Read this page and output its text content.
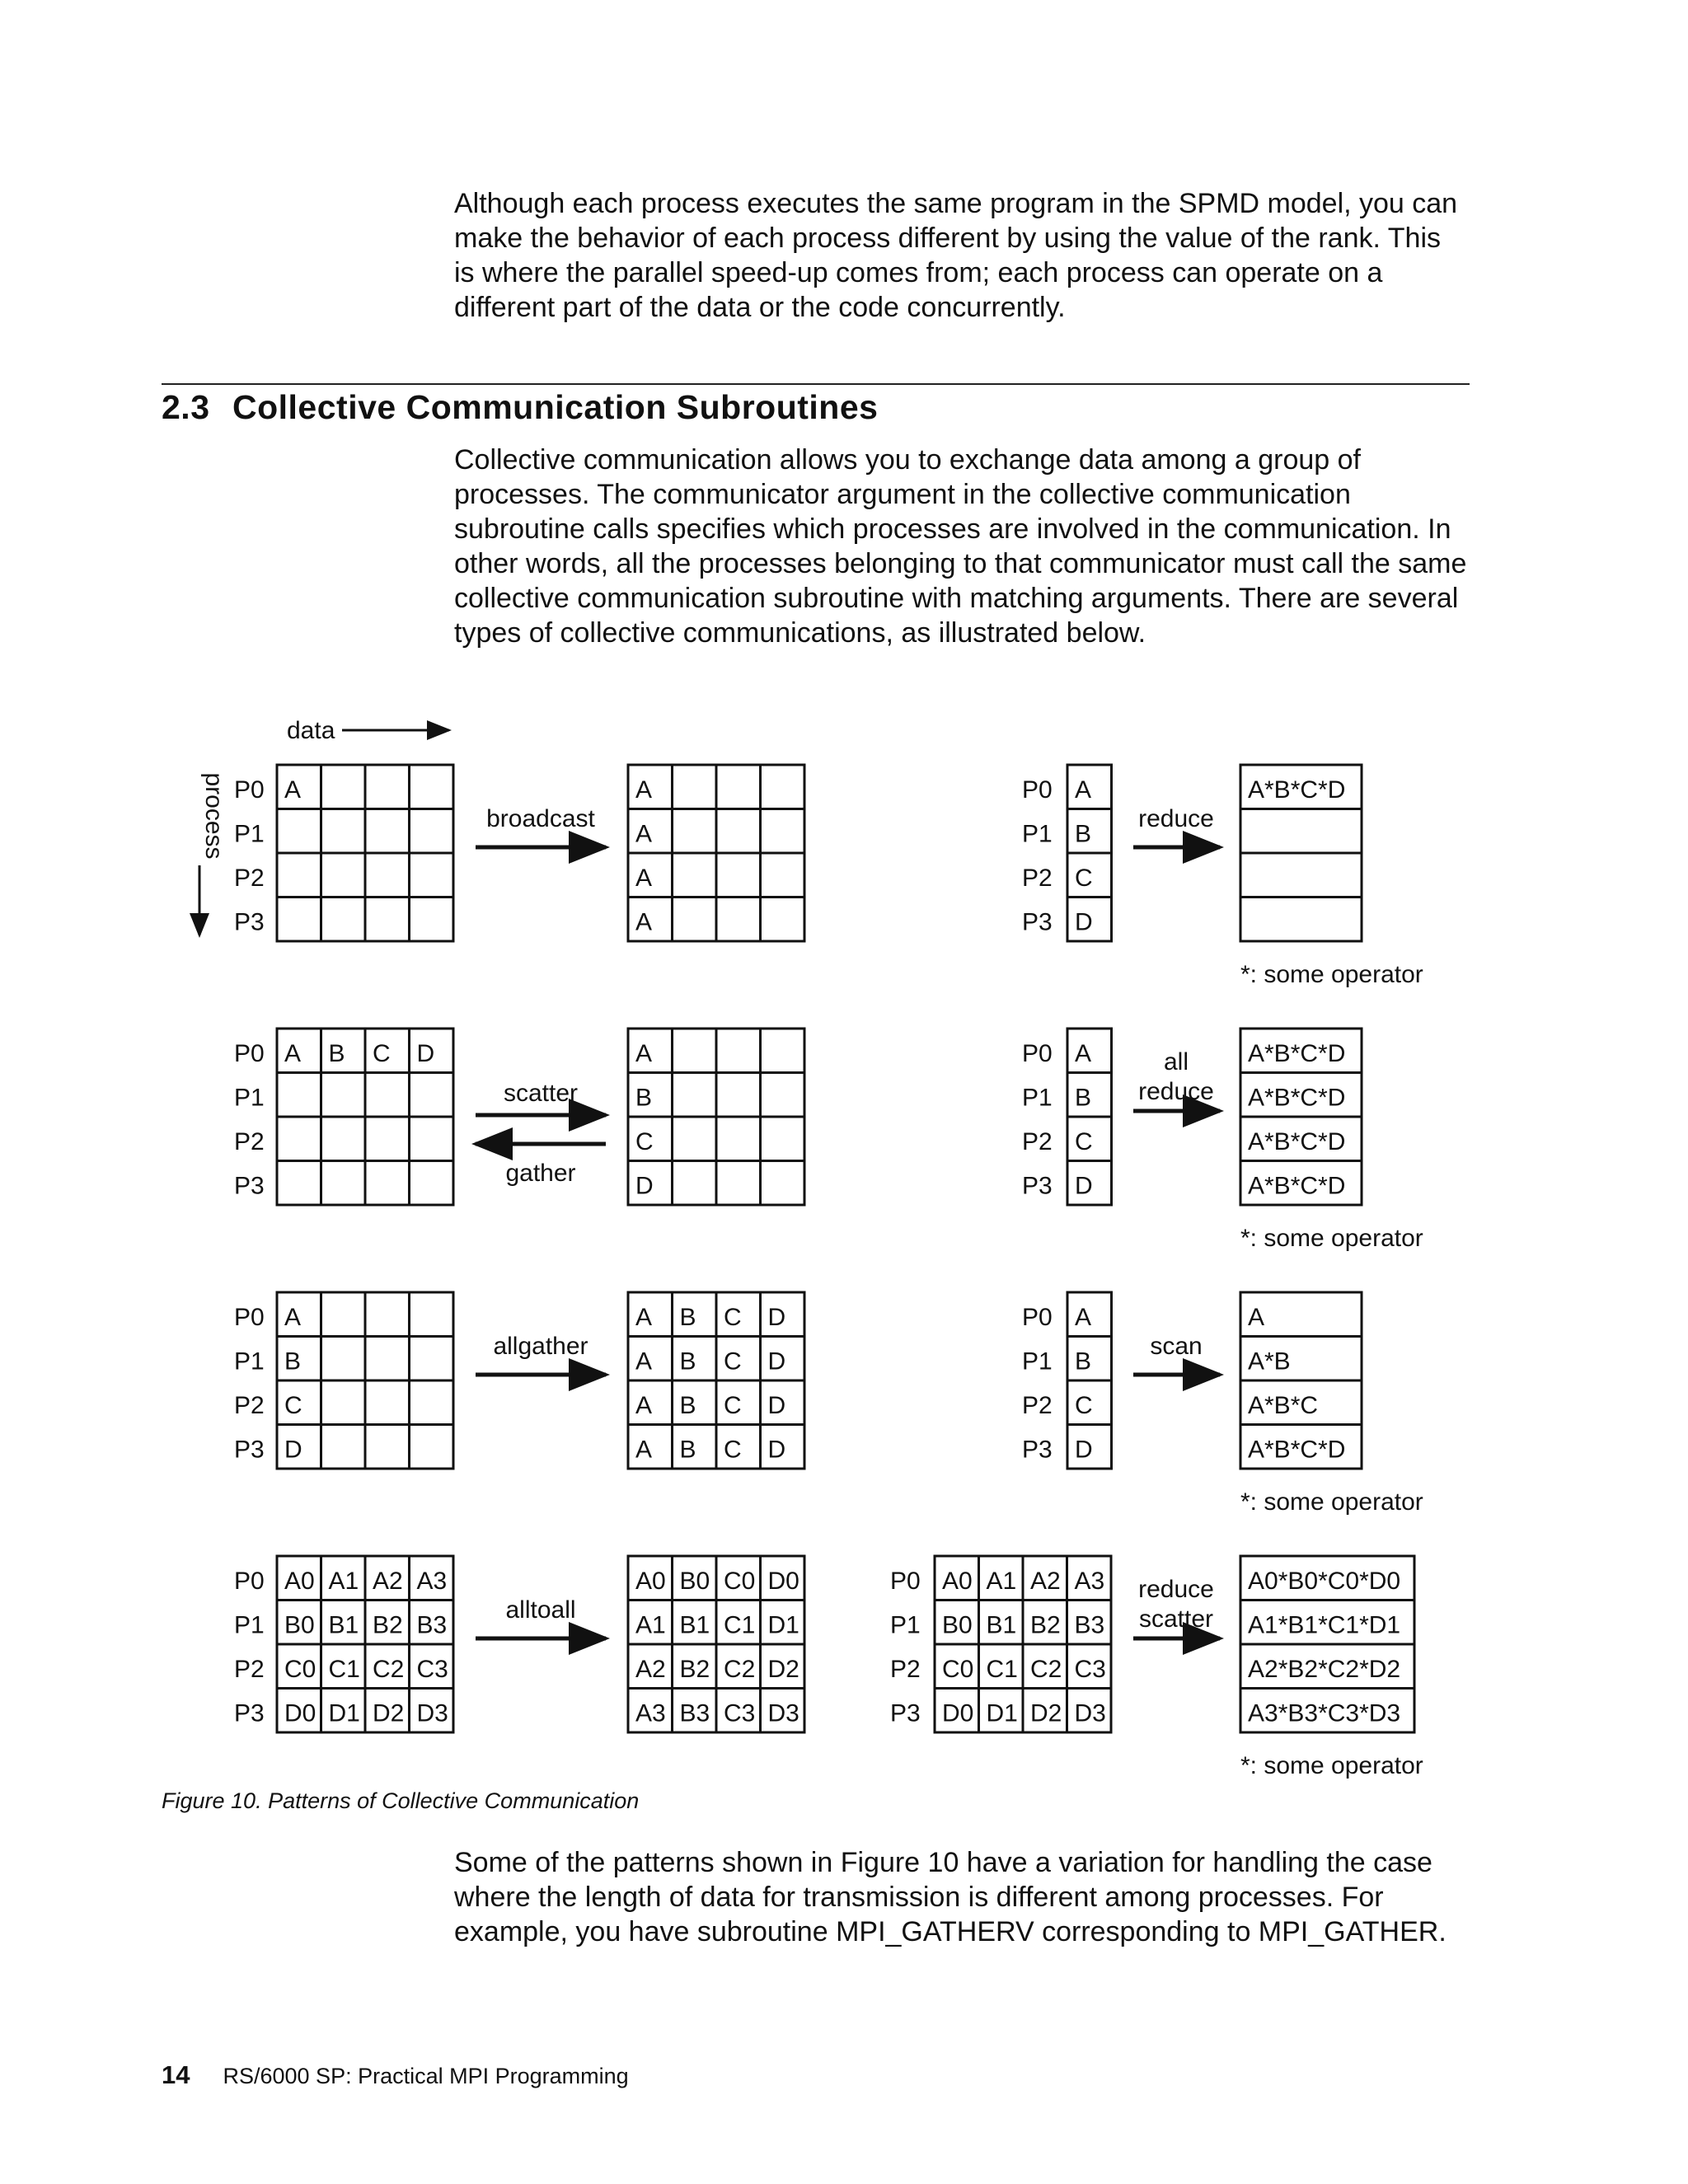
Although each process executes the same program in the SPMD model, you can
make the behavior of each process different by using the value of the rank. This
is where the parallel speed-up comes from; each process can operate on a
different part of the data or the code concurrently.
2.3 Collective Communication Subroutines
Collective communication allows you to exchange data among a group of
processes. The communicator argument in the collective communication
subroutine calls specifies which processes are involved in the communication. In
other words, all the processes belonging to that communicator must call the same
collective communication subroutine with matching arguments. There are several
types of collective communications, as illustrated below.
data
process P0
P1
P2
P3
A	A
A
A
A
broadcast
P0
P1
P2
P3
A
B
C
D
A*B*C*D
reduce
*: some operator
P0
P1
P2
P3
A B C D	A
B
C
D
scatter
gather
P0
P1
P2
P3
A
B
C
D
A*B*C*D
A*B*C*D
A*B*C*D
A*B*C*D
all
reduce
*: some operator
P0
P1
P2
P3
A
B
C
D
A B C D
A B C D
A B C D
A B C D
allgather
P0
P1
P2
P3
A
B
C
D
A
A*B
A*B*C
A*B*C*D
scan
*: some operator
P0
P1
P2
P3
A0 A1 A2 A3
B0 B1 B2 B3
C0 C1 C2 C3
D0 D1 D2 D3
A0 B0 C0 D0
A1 B1 C1 D1
A2 B2 C2 D2
A3 B3 C3 D3
alltoall
P0
P1
P2
P3
A0 A1 A2 A3
B0 B1 B2 B3
C0 C1 C2 C3
D0 D1 D2 D3
A0*B0*C0*D0
A1*B1*C1*D1
A2*B2*C2*D2
A3*B3*C3*D3
reduce
scatter
*: some operator

Figure 10. Patterns of Collective Communication

Some of the patterns shown in Figure 10 have a variation for handling the case
where the length of data for transmission is different among processes. For
example, you have subroutine MPI_GATHERV corresponding to MPI_GATHER.
14 RS/6000 SP: Practical MPI Programming
